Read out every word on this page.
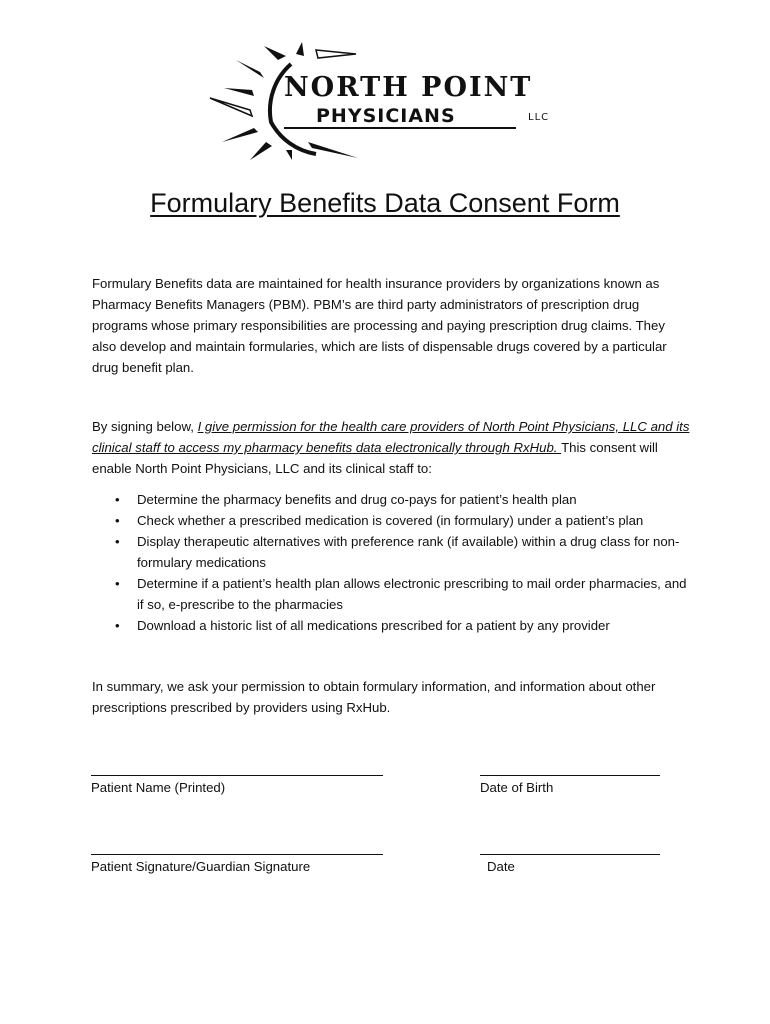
NORTH POINT
PHYSICIANS	LLC
Formulary Benefits Data Consent Form
Formulary Benefits data are maintained for health insurance providers by organizations known as Pharmacy Benefits Managers (PBM). PBM’s are third party administrators of prescription drug programs whose primary responsibilities are processing and paying prescription drug claims. They also develop and maintain formularies, which are lists of dispensable drugs covered by a particular drug benefit plan.
By signing below, I give permission for the health care providers of North Point Physicians, LLC and its clinical staff to access my pharmacy benefits data electronically through RxHub. This consent will enable North Point Physicians, LLC and its clinical staff to:
• Determine the pharmacy benefits and drug co-pays for patient’s health plan
• Check whether a prescribed medication is covered (in formulary) under a patient’s plan
• Display therapeutic alternatives with preference rank (if available) within a drug class for non-formulary medications
• Determine if a patient’s health plan allows electronic prescribing to mail order pharmacies, and if so, e-prescribe to the pharmacies
• Download a historic list of all medications prescribed for a patient by any provider
In summary, we ask your permission to obtain formulary information, and information about other prescriptions prescribed by providers using RxHub.
Patient Name (Printed)	Date of Birth
Patient Signature/Guardian Signature	Date
